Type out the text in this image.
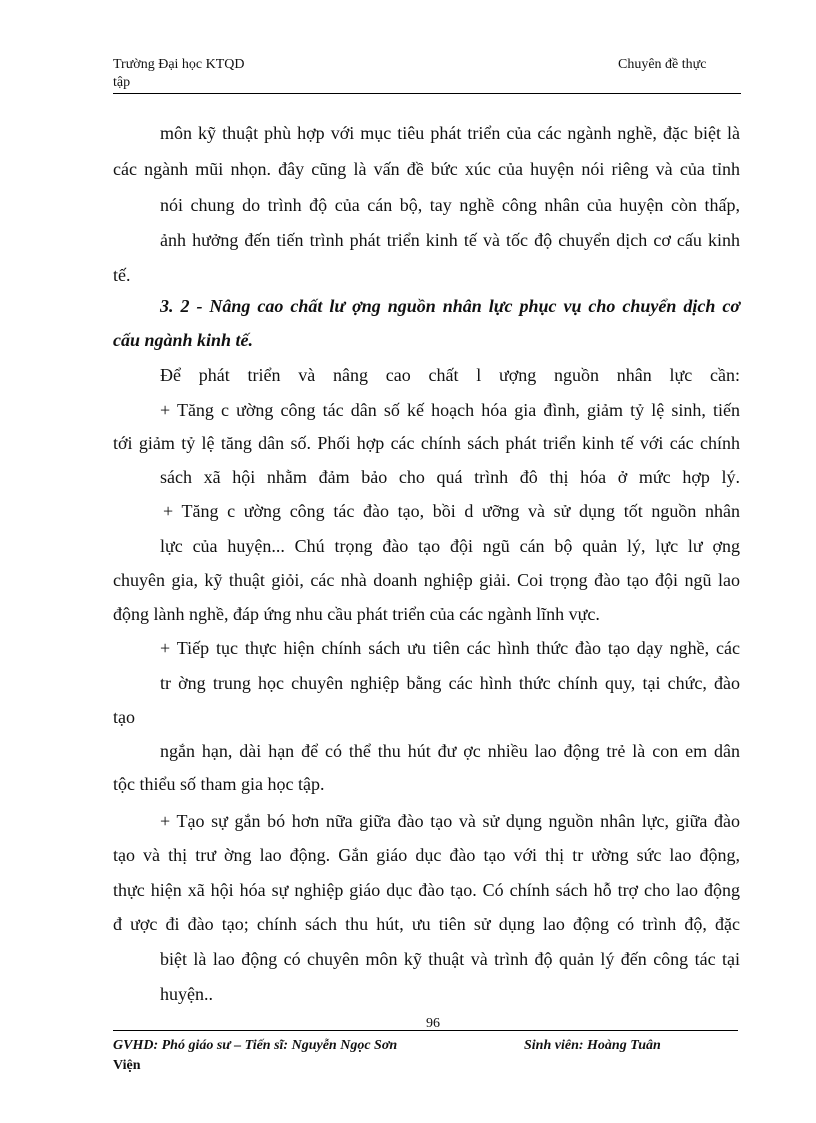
Trường Đại học KTQD
tập
Chuyên đề thực
môn kỹ thuật phù hợp với mục tiêu phát triển của các ngành nghề, đặc biệt là
các ngành mũi nhọn. đây cũng là vấn đề bức xúc của huyện nói riêng và của tỉnh
nói chung do trình độ của cán bộ, tay nghề công nhân của huyện còn thấp,
ảnh hưởng đến tiến trình phát triển kinh tế và tốc độ chuyển dịch cơ cấu kinh
tế.
3. 2 - Nâng cao chất lư ợng nguồn nhân lực phục vụ cho chuyển dịch cơ
cấu ngành kinh tế.
Để phát triển và nâng cao chất l ượng nguồn nhân lực cần:
+ Tăng c ường công tác dân số kế hoạch hóa gia đình, giảm tỷ lệ sinh, tiến
tới giảm tỷ lệ tăng dân số. Phối hợp các chính sách phát triển kinh tế với các chính
sách xã hội nhằm đảm bảo cho quá trình đô thị hóa ở mức hợp lý.
+ Tăng c ường công tác đào tạo, bồi d ưỡng và sử dụng tốt nguồn nhân
lực của huyện... Chú trọng đào tạo đội ngũ cán bộ quản lý, lực lư ợng
chuyên gia, kỹ thuật giỏi, các nhà doanh nghiệp giải. Coi trọng đào tạo đội ngũ lao
động lành nghề, đáp ứng nhu cầu phát triển của các ngành lĩnh vực.
+ Tiếp tục thực hiện chính sách ưu tiên các hình thức đào tạo dạy nghề, các
tr ờng trung học chuyên nghiệp bằng các hình thức chính quy, tại chức, đào
tạo
ngắn hạn, dài hạn để có thể thu hút đư ợc nhiều lao động trẻ là con em dân
tộc thiểu số tham gia học tập.
+ Tạo sự gắn bó hơn nữa giữa đào tạo và sử dụng nguồn nhân lực, giữa đào
tạo và thị trư ờng lao động. Gắn giáo dục đào tạo với thị tr ường sức lao động,
thực hiện xã hội hóa sự nghiệp giáo dục đào tạo. Có chính sách hỗ trợ cho lao động
đ ược đi đào tạo; chính sách thu hút, ưu tiên sử dụng lao động có trình độ, đặc
biệt là lao động có chuyên môn kỹ thuật và trình độ quản lý đến công tác tại
huyện..
96
GVHD: Phó giáo sư – Tiến sĩ: Nguyễn Ngọc Sơn	Sinh viên: Hoàng Tuân
Viện
